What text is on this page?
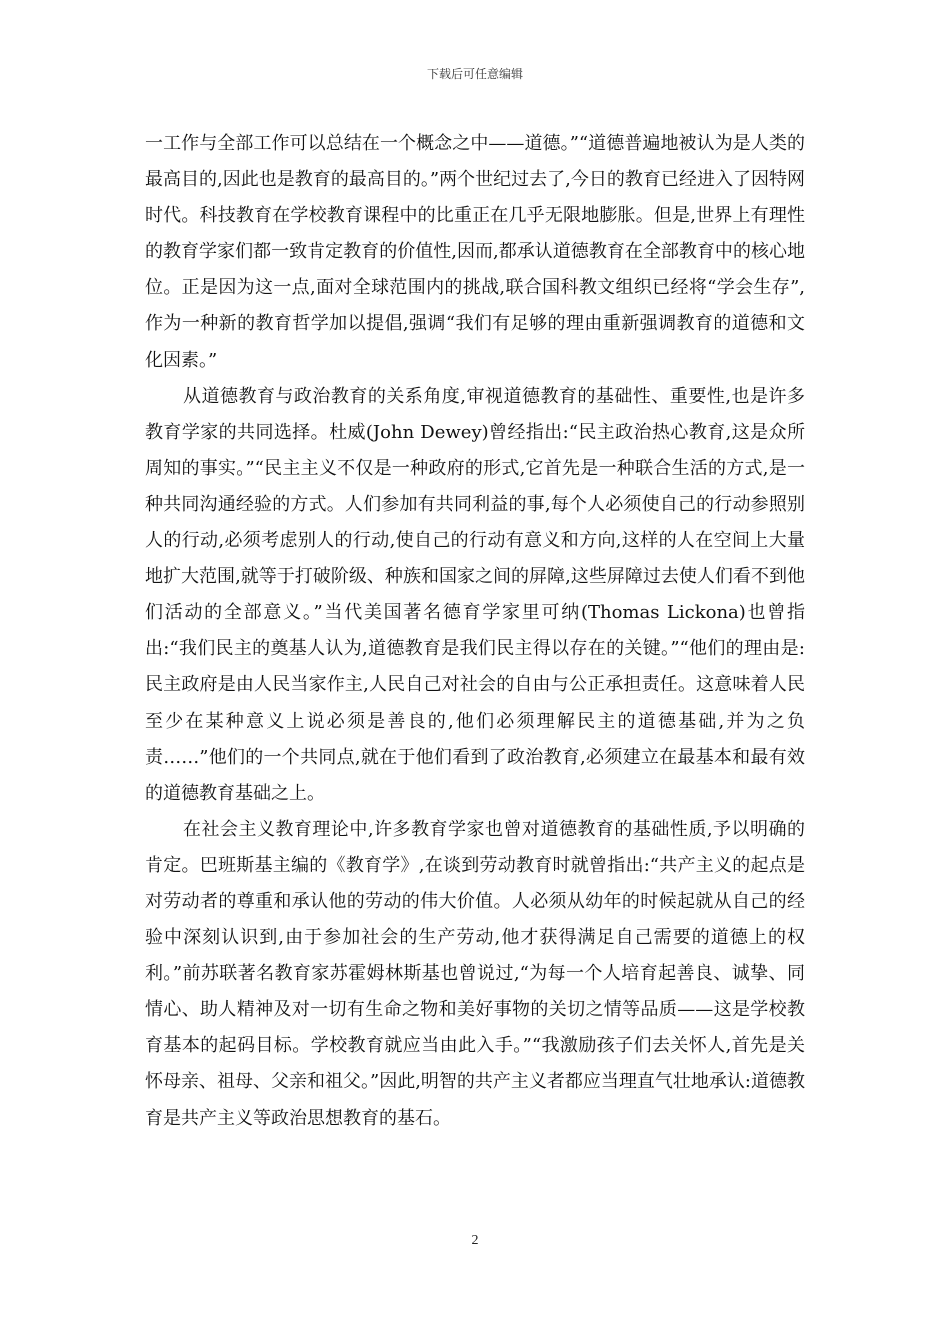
下载后可任意编辑

一工作与全部工作可以总结在一个概念之中——道德。”“道德普遍地被认为是人类的最高目的,因此也是教育的最高目的。”两个世纪过去了,今日的教育已经进入了因特网时代。科技教育在学校教育课程中的比重正在几乎无限地膨胀。但是,世界上有理性的教育学家们都一致肯定教育的价值性,因而,都承认道德教育在全部教育中的核心地位。正是因为这一点,面对全球范围内的挑战,联合国科教文组织已经将“学会生存”,作为一种新的教育哲学加以提倡,强调“我们有足够的理由重新强调教育的道德和文化因素。”

从道德教育与政治教育的关系角度,审视道德教育的基础性、重要性,也是许多教育学家的共同选择。杜威(John Dewey)曾经指出:“民主政治热心教育,这是众所周知的事实。”“民主主义不仅是一种政府的形式,它首先是一种联合生活的方式,是一种共同沟通经验的方式。人们参加有共同利益的事,每个人必须使自己的行动参照别人的行动,必须考虑别人的行动,使自己的行动有意义和方向,这样的人在空间上大量地扩大范围,就等于打破阶级、种族和国家之间的屏障,这些屏障过去使人们看不到他们活动的全部意义。”当代美国著名德育学家里可纳(Thomas Lickona)也曾指出:“我们民主的奠基人认为,道德教育是我们民主得以存在的关键。”“他们的理由是:民主政府是由人民当家作主,人民自己对社会的自由与公正承担责任。这意味着人民至少在某种意义上说必须是善良的,他们必须理解民主的道德基础,并为之负责……”他们的一个共同点,就在于他们看到了政治教育,必须建立在最基本和最有效的道德教育基础之上。

在社会主义教育理论中,许多教育学家也曾对道德教育的基础性质,予以明确的肯定。巴班斯基主编的《教育学》,在谈到劳动教育时就曾指出:“共产主义的起点是对劳动者的尊重和承认他的劳动的伟大价值。人必须从幼年的时候起就从自己的经验中深刻认识到,由于参加社会的生产劳动,他才获得满足自己需要的道德上的权利。”前苏联著名教育家苏霍姆林斯基也曾说过,“为每一个人培育起善良、诚挚、同情心、助人精神及对一切有生命之物和美好事物的关切之情等品质——这是学校教育基本的起码目标。学校教育就应当由此入手。”“我激励孩子们去关怀人,首先是关怀母亲、祖母、父亲和祖父。”因此,明智的共产主义者都应当理直气壮地承认:道德教育是共产主义等政治思想教育的基石。

2
